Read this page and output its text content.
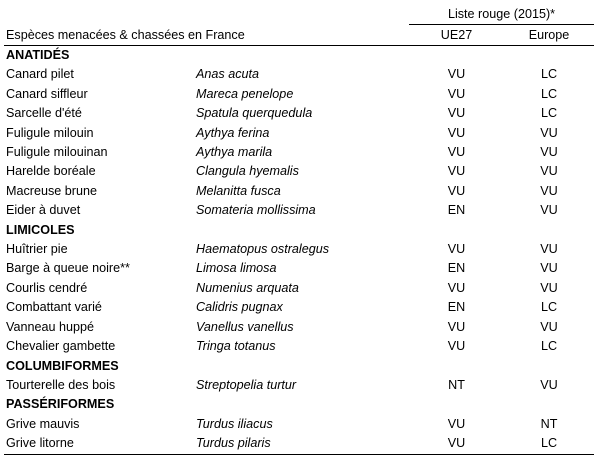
		Liste rouge (2015)*	
Espèces menacées & chassées en France		UE27	Europe
ANATIDÉS			
Canard pilet	Anas acuta	VU	LC
Canard siffleur	Mareca penelope	VU	LC
Sarcelle d'été	Spatula querquedula	VU	LC
Fuligule milouin	Aythya ferina	VU	VU
Fuligule milouinan	Aythya marila	VU	VU
Harelde boréale	Clangula hyemalis	VU	VU
Macreuse brune	Melanitta fusca	VU	VU
Eider à duvet	Somateria mollissima	EN	VU
LIMICOLES			
Huîtrier pie	Haematopus ostralegus	VU	VU
Barge à queue noire**	Limosa limosa	EN	VU
Courlis cendré	Numenius arquata	VU	VU
Combattant varié	Calidris pugnax	EN	LC
Vanneau huppé	Vanellus vanellus	VU	VU
Chevalier gambette	Tringa totanus	VU	LC
COLUMBIFORMES			
Tourterelle des bois	Streptopelia turtur	NT	VU
PASSÉRIFORMES			
Grive mauvis	Turdus iliacus	VU	NT
Grive litorne	Turdus pilaris	VU	LC
